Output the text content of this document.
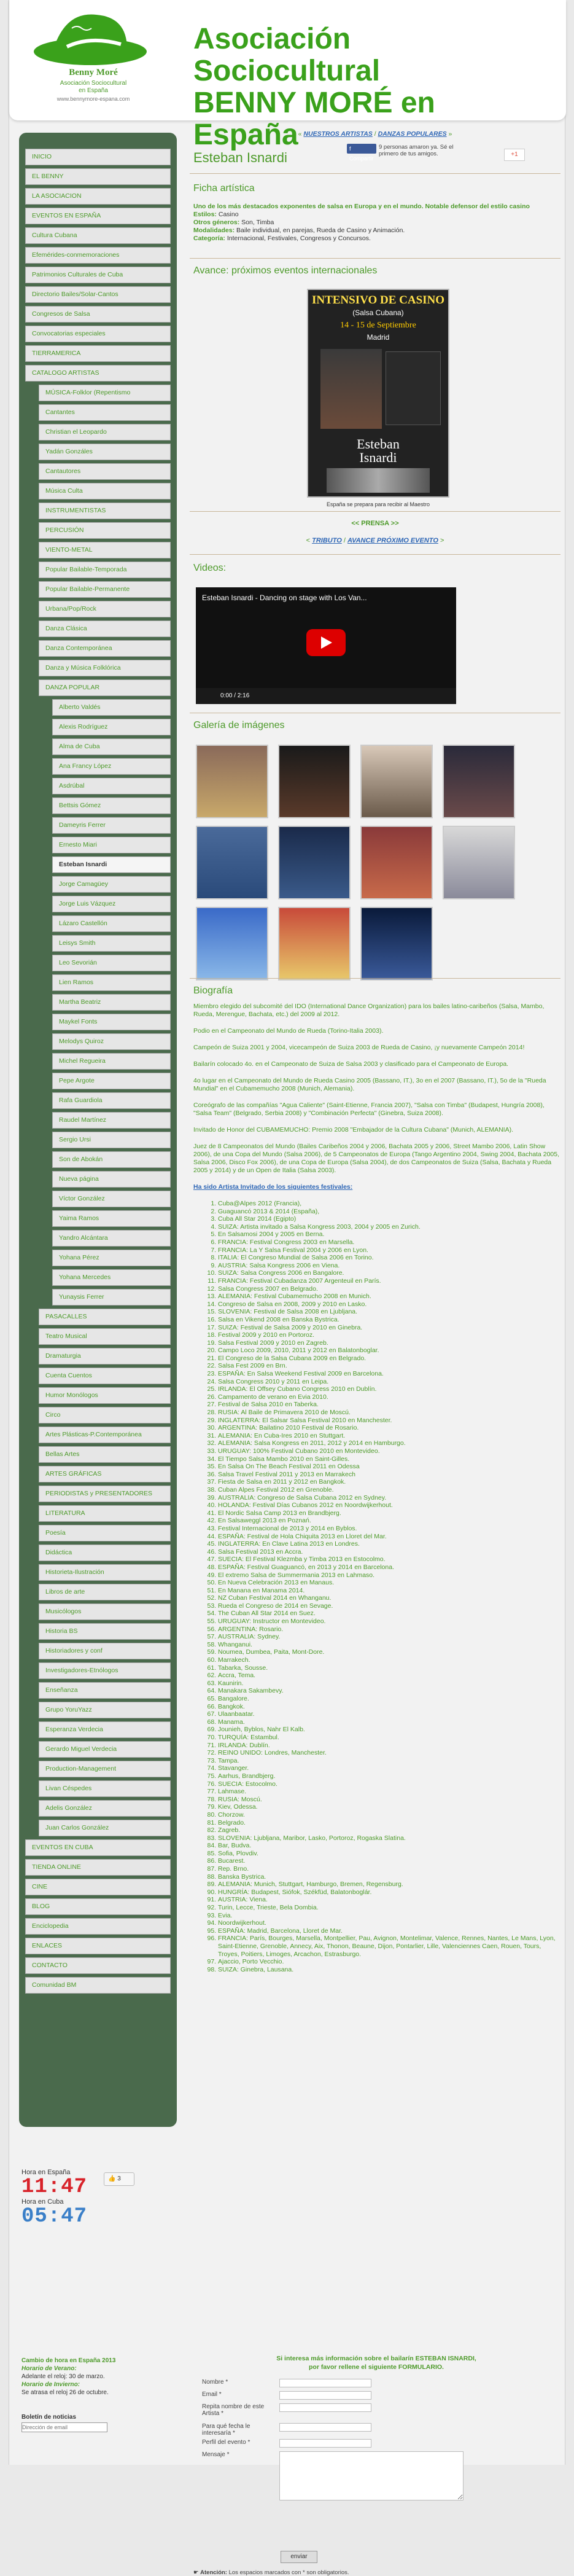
Benny Moré
Asociación Sociocultural
en España
www.bennymore-espana.com
Asociación Sociocultural
BENNY MORÉ en España
INICIO
EL BENNY
LA ASOCIACION
EVENTOS EN ESPAÑA
Cultura Cubana
Efemérides-conmemoraciones
Patrimonios Culturales de Cuba
Directorio Bailes/Solar-Cantos
Congresos de Salsa
Convocatorias especiales
TIERRAMERICA
CATALOGO ARTISTAS
MÚSICA-Folklor (Repentismo
Cantantes
Christian el Leopardo
Yadán Gonzáles
Cantautores
Música Culta
INSTRUMENTISTAS
PERCUSIÓN
VIENTO-METAL
Popular Bailable-Temporada
Popular Bailable-Permanente
Urbana/Pop/Rock
Danza Clásica
Danza Contemporánea
Danza y Música Folklórica
DANZA POPULAR
Alberto Valdés
Alexis Rodríguez
Alma de Cuba
Ana Francy López
Asdrúbal
Bettsis Gómez
Dameyris Ferrer
Ernesto Miari
Esteban Isnardi
Jorge Camagüey
Jorge Luis Vázquez
Lázaro Castellón
Leisys Smith
Leo Sevorián
Lien Ramos
Martha Beatriz
Maykel Fonts
Melodys Quiroz
Michel Regueira
Pepe Argote
Rafa Guardiola
Raudel Martínez
Sergio Ursi
Son de Abokán
Nueva página
Víctor González
Yaima Ramos
Yandro Alcántara
Yohana Pérez
Yohana Mercedes
Yunaysis Ferrer
PASACALLES
Teatro Musical
Dramaturgia
Cuenta Cuentos
Humor Monólogos
Circo
Artes Plásticas-P.Contemporánea
Bellas Artes
ARTES GRÁFICAS
PERIODISTAS y PRESENTADORES
LITERATURA
Poesía
Didáctica
Historieta-Ilustración
Libros de arte
Musicólogos
Historia BS
Historiadores y conf
Investigadores-Etnólogos
Enseñanza
Grupo YoruYazz
Esperanza Verdecia
Gerardo Miguel Verdecia
Production-Management
Livan Céspedes
Adelis González
Juan Carlos González
EVENTOS EN CUBA
TIENDA ONLINE
CINE
BLOG
Enciclopedia
ENLACES
CONTACTO
Comunidad BM
Hora en España
11:47
Hora en Cuba
05:47
👍 3
Cambio de hora en España 2013
Horario de Verano:
Adelante el reloj: 30 de marzo.
Horario de Invierno:
Se atrasa el reloj 26 de octubre.
Boletín de noticias
Dirección de email
« NUESTROS ARTISTAS / DANZAS POPULARES »
Esteban Isnardi
f Compartir
9 personas amaron ya. Sé el primero de tus amigos.	+1
Ficha artística
Uno de los más destacados exponentes de salsa en Europa y en el mundo. Notable defensor del estilo casino
Estilos: Casino
Otros géneros: Son, Timba
Modalidades: Baile individual, en parejas, Rueda de Casino y Animación.
Categoría: Internacional, Festivales, Congresos y Concursos.
Avance: próximos eventos internacionales
INTENSIVO DE CASINO
(Salsa Cubana)
14 - 15 de Septiembre
Madrid
Esteban
Isnardi
España se prepara para recibir al Maestro
<< PRENSA >>
< TRIBUTO / AVANCE PRÓXIMO EVENTO >
Videos:
Esteban Isnardi - Dancing on stage with Los Van...
0:00 / 2:16
Galería de imágenes
Biografía

Miembro elegido del subcomité del IDO (International Dance Organization) para los bailes latino-caribeños (Salsa, Mambo, Rueda, Merengue, Bachata, etc.) del 2009 al 2012.

Podio en el Campeonato del Mundo de Rueda (Torino-Italia 2003).

Campeón de Suiza 2001 y 2004, vicecampeón de Suiza 2003 de Rueda de Casino, ¡y nuevamente Campeón 2014!

Bailarín colocado 4o. en el Campeonato de Suiza de Salsa 2003 y clasificado para el Campeonato de Europa.

4o lugar en el Campeonato del Mundo de Rueda Casino 2005 (Bassano, IT.), 3o en el 2007 (Bassano, IT.), 5o de la "Rueda Mundial" en el Cubamemucho 2008 (Munich, Alemania).

Coreógrafo de las compañías "Agua Caliente" (Saint-Etienne, Francia 2007), "Salsa con Timba" (Budapest, Hungría 2008), "Salsa Team" (Belgrado, Serbia 2008) y "Combinación Perfecta" (Ginebra, Suiza 2008).

Invitado de Honor del CUBAMEMUCHO: Premio 2008 "Embajador de la Cultura Cubana" (Munich, ALEMANIA).

Juez de 8 Campeonatos del Mundo (Bailes Caribeños 2004 y 2006, Bachata 2005 y 2006, Street Mambo 2006, Latin Show 2006), de una Copa del Mundo (Salsa 2006), de 5 Campeonatos de Europa (Tango Argentino 2004, Swing 2004, Bachata 2005, Salsa 2006, Disco Fox 2006), de una Copa de Europa (Salsa 2004), de dos Campeonatos de Suiza (Salsa, Bachata y Rueda 2005 y 2014) y de un Open de Italia (Salsa 2003).

Ha sido Artista Invitado de los siguientes festivales:
1. Cuba@Alpes 2012 (Francia),
2. Guaguancó 2013 & 2014 (España),
3. Cuba All Star 2014 (Egipto)
4. SUIZA: Artista invitado a Salsa Kongress 2003, 2004 y 2005 en Zurich.
5. En Salsamosi 2004 y 2005 en Berna.
6. FRANCIA: Festival Congress 2003 en Marsella.
7. FRANCIA: La Y Salsa Festival 2004 y 2006 en Lyon.
8. ITALIA: El Congreso Mundial de Salsa 2006 en Torino.
9. AUSTRIA: Salsa Kongress 2006 en Viena.
10. SUIZA: Salsa Congress 2006 en Bangalore.
11. FRANCIA: Festival Cubadanza 2007 Argenteuil en París.
12. Salsa Congress 2007 en Belgrado.
13. ALEMANIA: Festival Cubamemucho 2008 en Munich.
14. Congreso de Salsa en 2008, 2009 y 2010 en Lasko.
15. SLOVENIA: Festival de Salsa 2008 en Ljubljana.
16. Salsa en Vikend 2008 en Banska Bystrica.
17. SUIZA: Festival de Salsa 2009 y 2010 en Ginebra.
18. Festival 2009 y 2010 en Portoroz.
19. Salsa Festival 2009 y 2010 en Zagreb.
20. Campo Loco 2009, 2010, 2011 y 2012 en Balatonboglar.
21. El Congreso de la Salsa Cubana 2009 en Belgrado.
22. Salsa Fest 2009 en Brn.
23. ESPAÑA: En Salsa Weekend Festival 2009 en Barcelona.
24. Salsa Congress 2010 y 2011 en Leipa.
25. IRLANDA: El Offsey Cubano Congress 2010 en Dublín.
26. Campamento de verano en Evia 2010.
27. Festival de Salsa 2010 en Taberka.
28. RUSIA: Al Baile de Primavera 2010 de Moscú.
29. INGLATERRA: El Salsar Salsa Festival 2010 en Manchester.
30. ARGENTINA: Bailatino 2010 Festival de Rosario.
31. ALEMANIA: En Cuba-Ires 2010 en Stuttgart.
32. ALEMANIA: Salsa Kongress en 2011, 2012 y 2014 en Hamburgo.
33. URUGUAY: 100% Festival Cubano 2010 en Montevideo.
34. El Tiempo Salsa Mambo 2010 en Saint-Gilles.
35. En Salsa On The Beach Festival 2011 en Odessa
36. Salsa Travel Festival 2011 y 2013 en Marrakech
37. Fiesta de Salsa en 2011 y 2012 en Bangkok.
38. Cuban Alpes Festival 2012 en Grenoble.
39. AUSTRALIA: Congreso de Salsa Cubana 2012 en Sydney.
40. HOLANDA: Festival Días Cubanos 2012 en Noordwijkerhout.
41. El Nordic Salsa Camp 2013 en Brandbjerg.
42. En Salsaweggl 2013 en Poznań.
43. Festival Internacional de 2013 y 2014 en Byblos.
44. ESPAÑA: Festival de Hola Chiquita 2013 en Lloret del Mar.
45. INGLATERRA: En Clave Latina 2013 en Londres.
46. Salsa Festival 2013 en Accra.
47. SUECIA: El Festival Klezmba y Timba 2013 en Estocolmo.
48. ESPAÑA: Festival Guaguancó, en 2013 y 2014 en Barcelona.
49. El extremo Salsa de Summermania 2013 en Lahmaso.
50. En Nueva Celebración 2013 en Manaus.
51. En Manana en Manama 2014.
52. NZ Cuban Festival 2014 en Whanganu.
53. Rueda el Congreso de 2014 en Sevage.
54. The Cuban All Star 2014 en Suez.
55. URUGUAY: Instructor en Montevideo.
56. ARGENTINA: Rosario.
57. AUSTRALIA: Sydney.
58. Whanganui.
59. Noumea, Dumbea, Paita, Mont-Dore.
60. Marrakech.
61. Tabarka, Sousse.
62. Accra, Tema.
63. Kaunirin.
64. Manakara Sakambevy.
65. Bangalore.
66. Bangkok.
67. Ulaanbaatar.
68. Manama.
69. Jounieh, Byblos, Nahr El Kalb.
70. TURQUÍA: Estambul.
71. IRLANDA: Dublín.
72. REINO UNIDO: Londres, Manchester.
73. Tampa.
74. Stavanger.
75. Aarhus, Brandbjerg.
76. SUECIA: Estocolmo.
77. Lahmase.
78. RUSIA: Moscú.
79. Kiev, Odessa.
80. Chorzow.
81. Belgrado.
82. Zagreb.
83. SLOVENIA: Ljubljana, Maribor, Lasko, Portoroz, Rogaska Slatina.
84. Bar, Budva.
85. Sofia, Plovdiv.
86. Bucarest.
87. Rep. Brno.
88. Banska Bystrica.
89. ALEMANIA: Munich, Stuttgart, Hamburgo, Bremen, Regensburg.
90. HUNGRÍA: Budapest, Siófok, Székfüd, Balatonboglár.
91. AUSTRIA: Viena.
92. Turin, Lecce, Trieste, Bela Dombia.
93. Evia.
94. Noordwijkerhout.
95. ESPAÑA: Madrid, Barcelona, Lloret de Mar.
96. FRANCIA: París, Bourges, Marsella, Montpellier, Pau, Avignon, Montelimar, Valence, Rennes, Nantes, Le Mans, Lyon, Saint-Etienne, Grenoble, Annecy, Aix, Thonon, Beaune, Dijon, Pontarlier, Lille, Valenciennes Caen, Rouen, Tours, Troyes, Poitiers, Limoges, Arcachon, Estrasburgo.
97. Ajaccio, Porto Vecchio.
98. SUIZA: Ginebra, Lausana.
Si interesa más información sobre el bailarín ESTEBAN ISNARDI,
por favor rellene el siguiente FORMULARIO.
Nombre *
Email *
Repita nombre de este Artista *
Para qué fecha le interesaría *
Perfil del evento *
Mensaje *
enviar
☛ Atención: Los espacios marcados con * son obligatorios.
